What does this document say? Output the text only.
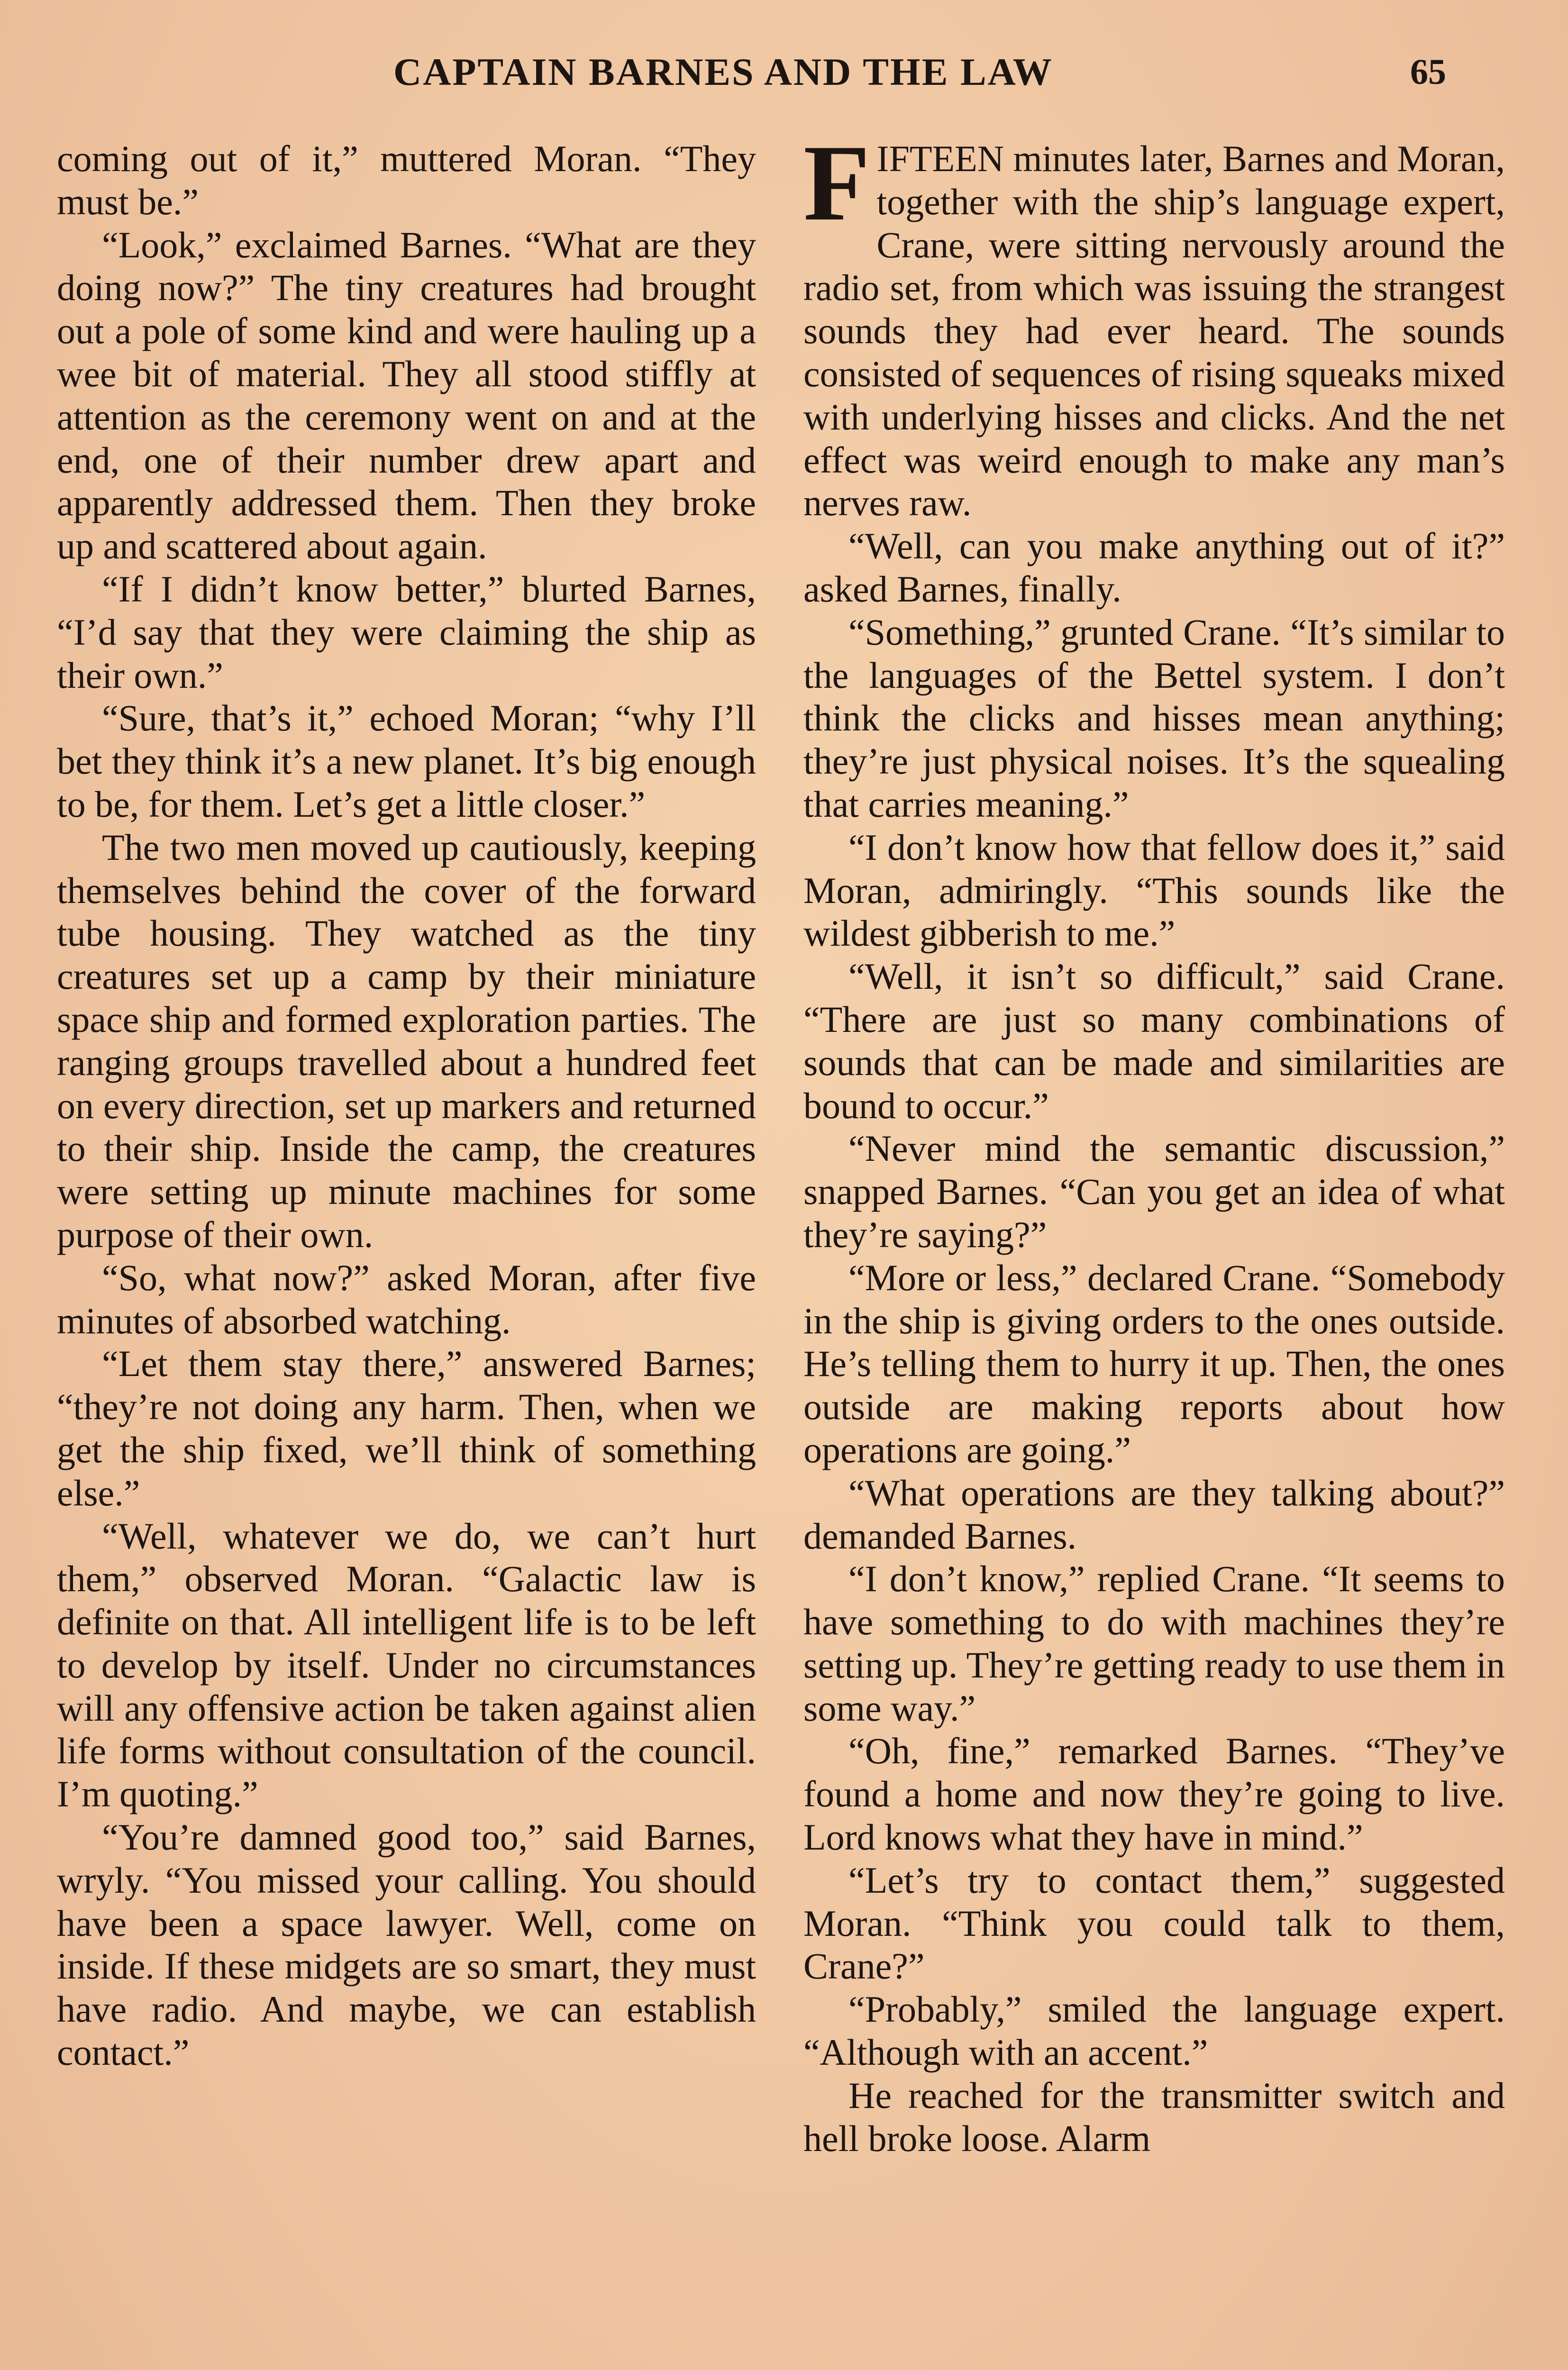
CAPTAIN BARNES AND THE LAW	65

coming out of it,” muttered Moran. “They must be.”

“Look,” exclaimed Barnes. “What are they doing now?” The tiny creatures had brought out a pole of some kind and were hauling up a wee bit of material. They all stood stiffly at attention as the ceremony went on and at the end, one of their number drew apart and apparently addressed them. Then they broke up and scattered about again.

“If I didn’t know better,” blurted Barnes, “I’d say that they were claiming the ship as their own.”

“Sure, that’s it,” echoed Moran; “why I’ll bet they think it’s a new planet. It’s big enough to be, for them. Let’s get a little closer.”

The two men moved up cautiously, keeping themselves behind the cover of the forward tube housing. They watched as the tiny creatures set up a camp by their miniature space ship and formed exploration parties. The ranging groups travelled about a hundred feet on every direction, set up markers and returned to their ship. Inside the camp, the creatures were setting up minute machines for some purpose of their own.

“So, what now?” asked Moran, after five minutes of absorbed watching.

“Let them stay there,” answered Barnes; “they’re not doing any harm. Then, when we get the ship fixed, we’ll think of something else.”

“Well, whatever we do, we can’t hurt them,” observed Moran. “Galactic law is definite on that. All intelligent life is to be left to develop by itself. Under no circumstances will any offensive action be taken against alien life forms without consultation of the council. I’m quoting.”

“You’re damned good too,” said Barnes, wryly. “You missed your calling. You should have been a space lawyer. Well, come on inside. If these midgets are so smart, they must have radio. And maybe, we can establish contact.”

FIFTEEN minutes later, Barnes and Moran, together with the ship’s language expert, Crane, were sitting nervously around the radio set, from which was issuing the strangest sounds they had ever heard. The sounds consisted of sequences of rising squeaks mixed with underlying hisses and clicks. And the net effect was weird enough to make any man’s nerves raw.

“Well, can you make anything out of it?” asked Barnes, finally.

“Something,” grunted Crane. “It’s similar to the languages of the Bettel system. I don’t think the clicks and hisses mean anything; they’re just physical noises. It’s the squealing that carries meaning.”

“I don’t know how that fellow does it,” said Moran, admiringly. “This sounds like the wildest gibberish to me.”

“Well, it isn’t so difficult,” said Crane. “There are just so many combinations of sounds that can be made and similarities are bound to occur.”

“Never mind the semantic discussion,” snapped Barnes. “Can you get an idea of what they’re saying?”

“More or less,” declared Crane. “Somebody in the ship is giving orders to the ones outside. He’s telling them to hurry it up. Then, the ones outside are making reports about how operations are going.”

“What operations are they talking about?” demanded Barnes.

“I don’t know,” replied Crane. “It seems to have something to do with machines they’re setting up. They’re getting ready to use them in some way.”

“Oh, fine,” remarked Barnes. “They’ve found a home and now they’re going to live. Lord knows what they have in mind.”

“Let’s try to contact them,” suggested Moran. “Think you could talk to them, Crane?”

“Probably,” smiled the language expert. “Although with an accent.”

He reached for the transmitter switch and hell broke loose. Alarm
